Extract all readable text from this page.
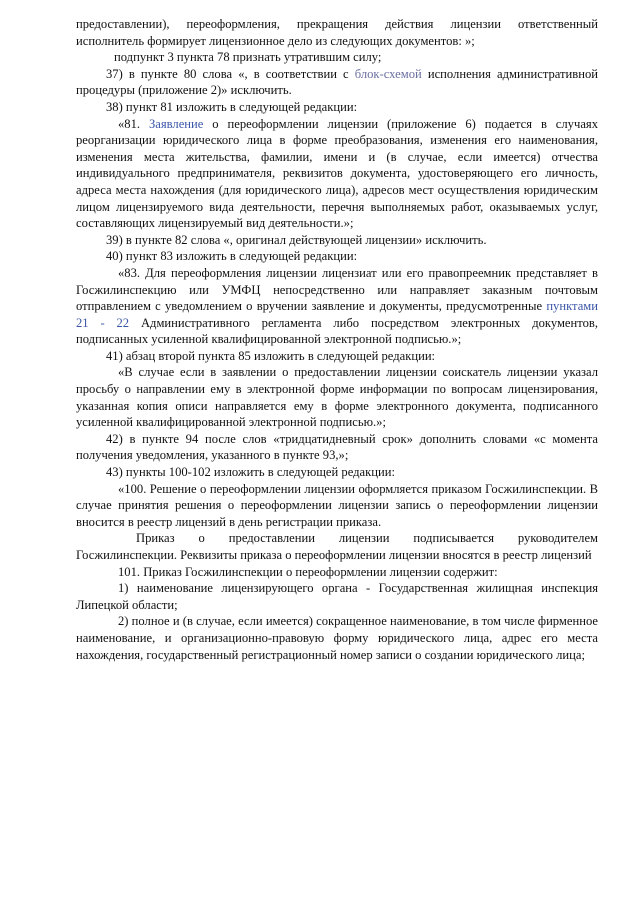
предоставлении), переоформления, прекращения действия лицензии ответственный исполнитель формирует лицензионное дело из следующих документов: »;

подпункт 3 пункта 78 признать утратившим силу;

37) в пункте 80 слова «, в соответствии с блок-схемой исполнения административной процедуры (приложение 2)» исключить.

38) пункт 81 изложить в следующей редакции:

«81. Заявление о переоформлении лицензии (приложение 6) подается в случаях реорганизации юридического лица в форме преобразования, изменения его наименования, изменения места жительства, фамилии, имени и (в случае, если имеется) отчества индивидуального предпринимателя, реквизитов документа, удостоверяющего его личность, адреса места нахождения (для юридического лица), адресов мест осуществления юридическим лицом лицензируемого вида деятельности, перечня выполняемых работ, оказываемых услуг, составляющих лицензируемый вид деятельности.»;

39) в пункте 82 слова «, оригинал действующей лицензии» исключить.

40) пункт 83 изложить в следующей редакции:

«83. Для переоформления лицензии лицензиат или его правопреемник представляет в Госжилинспекцию или УМФЦ непосредственно или направляет заказным почтовым отправлением с уведомлением о вручении заявление и документы, предусмотренные пунктами 21 - 22 Административного регламента либо посредством электронных документов, подписанных усиленной квалифицированной электронной подписью.»;

41) абзац второй пункта 85 изложить в следующей редакции:

«В случае если в заявлении о предоставлении лицензии соискатель лицензии указал просьбу о направлении ему в электронной форме информации по вопросам лицензирования, указанная копия описи направляется ему в форме электронного документа, подписанного усиленной квалифицированной электронной подписью.»;

42) в пункте 94 после слов «тридцатидневный срок» дополнить словами «с момента получения уведомления, указанного в пункте 93,»;

43) пункты 100-102 изложить в следующей редакции:

«100. Решение о переоформлении лицензии оформляется приказом Госжилинспекции. В случае принятия решения о переоформлении лицензии запись о переоформлении лицензии вносится в реестр лицензий в день регистрации приказа.

Приказ о предоставлении лицензии подписывается руководителем Госжилинспекции. Реквизиты приказа о переоформлении лицензии вносятся в реестр лицензий

101. Приказ Госжилинспекции о переоформлении лицензии содержит:

1) наименование лицензирующего органа - Государственная жилищная инспекция Липецкой области;

2) полное и (в случае, если имеется) сокращенное наименование, в том числе фирменное наименование, и организационно-правовую форму юридического лица, адрес его места нахождения, государственный регистрационный номер записи о создании юридического лица;
